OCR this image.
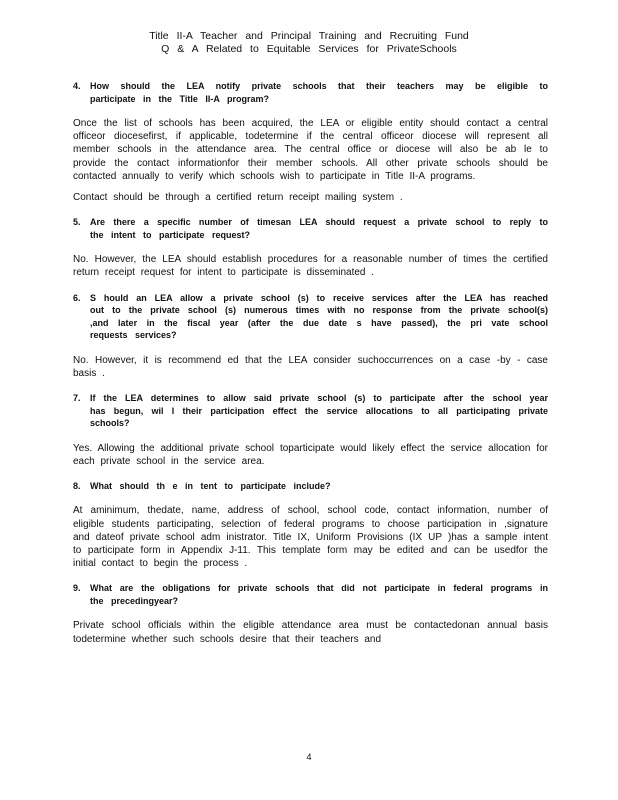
Title II-A Teacher and Principal Training and Recruiting Fund
Q & A Related to Equitable Services for PrivateSchools
4.	How should the LEA notify private schools that their teachers may be eligible to participate in the Title II-A program?

Once the list of schools has been acquired, the LEA or eligible entity should contact a central officeor diocesefirst, if applicable, todetermine if the central officeor diocese will represent all member schools in the attendance area. The central office or diocese will also be ab le to provide the contact informationfor their member schools. All other private schools should be contacted annually to verify which schools wish to participate in Title II-A programs.

Contact should be through a certified return receipt mailing system .

5.	Are there a specific number of timesan LEA should request a private school to reply to the intent to participate request?

No. However, the LEA should establish procedures for a reasonable number of times the certified return receipt request for intent to participate is disseminated .

6.	S hould an LEA allow a private school (s) to receive services after the LEA has reached out to the private school (s) numerous times with no response from the private school(s) ,and later in the fiscal year (after the due date s have passed), the pri vate school requests services?

No. However, it is recommend ed that the LEA consider suchoccurrences on a case -by - case basis .

7.	If the LEA determines to allow said private school (s) to participate after the school year has begun, wil l their participation effect the service allocations to all participating private schools?

Yes. Allowing the additional private school toparticipate would likely effect the service allocation for each private school in the service area.

8.	What should th e in tent to participate include?

At aminimum, thedate, name, address of school, school code, contact information, number of eligible students participating, selection of federal programs to choose participation in ,signature and dateof private school adm inistrator. Title IX, Uniform Provisions (IX UP )has a sample intent to participate form in Appendix J-11. This template form may be edited and can be usedfor the initial contact to begin the process .

9.	What are the obligations for private schools that did not participate in federal programs in the precedingyear?

Private school officials within the eligible attendance area must be contactedonan annual basis todetermine whether such schools desire that their teachers and

4
